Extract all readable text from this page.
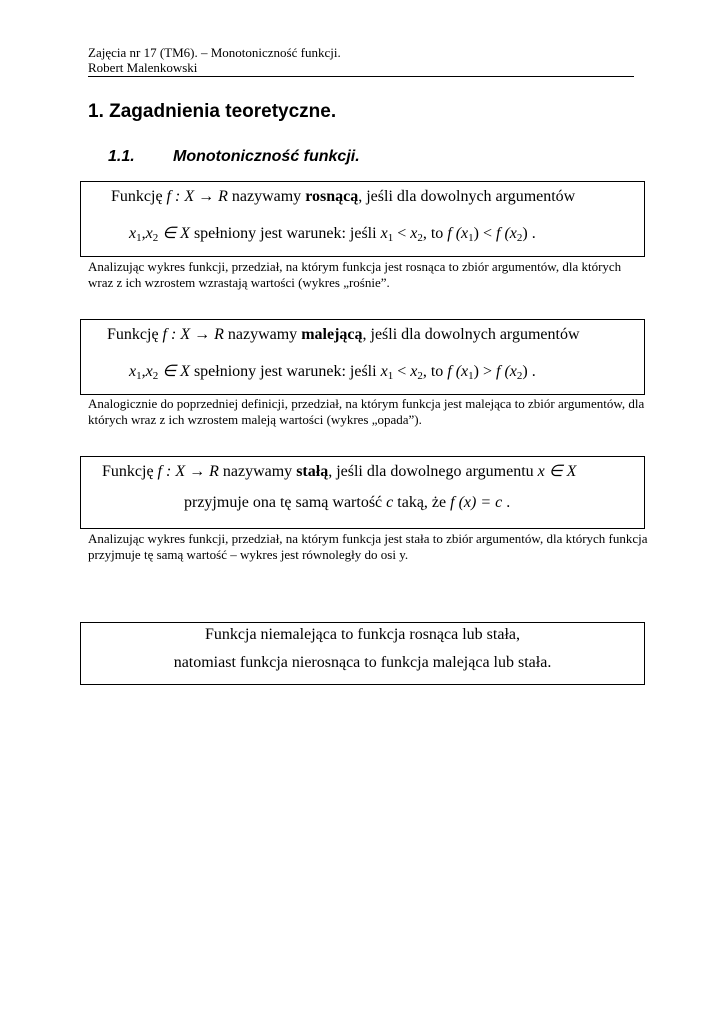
Zajęcia nr 17 (TM6). – Monotoniczność funkcji.
Robert Malenkowski
1. Zagadnienia teoretyczne.
1.1. Monotoniczność funkcji.
Funkcję f : X → R nazywamy rosnącą, jeśli dla dowolnych argumentów
$x_1,x_2$ ∈ X spełniony jest warunek: jeśli $x_1 < x_2$, to f $(x_1) < f$ $(x_2)$ .
Analizując wykres funkcji, przedział, na którym funkcja jest rosnąca to zbiór argumentów, dla których wraz z ich wzrostem wzrastają wartości (wykres „rośnie”.
Funkcję f : X → R nazywamy malejącą, jeśli dla dowolnych argumentów
$x_1,x_2$ ∈ X spełniony jest warunek: jeśli $x_1 < x_2$, to f $(x_1) > f$ $(x_2)$ .
Analogicznie do poprzedniej definicji, przedział, na którym funkcja jest malejąca to zbiór argumentów, dla których wraz z ich wzrostem maleją wartości (wykres „opada”).
Funkcję f : X → R nazywamy stałą, jeśli dla dowolnego argumentu x ∈ X
przyjmuje ona tę samą wartość c taką, że f (x) = c .
Analizując wykres funkcji, przedział, na którym funkcja jest stała to zbiór argumentów, dla których funkcja przyjmuje tę samą wartość – wykres jest równoległy do osi y.
Funkcja niemalejąca to funkcja rosnąca lub stała,
natomiast funkcja nierosnąca to funkcja malejąca lub stała.
